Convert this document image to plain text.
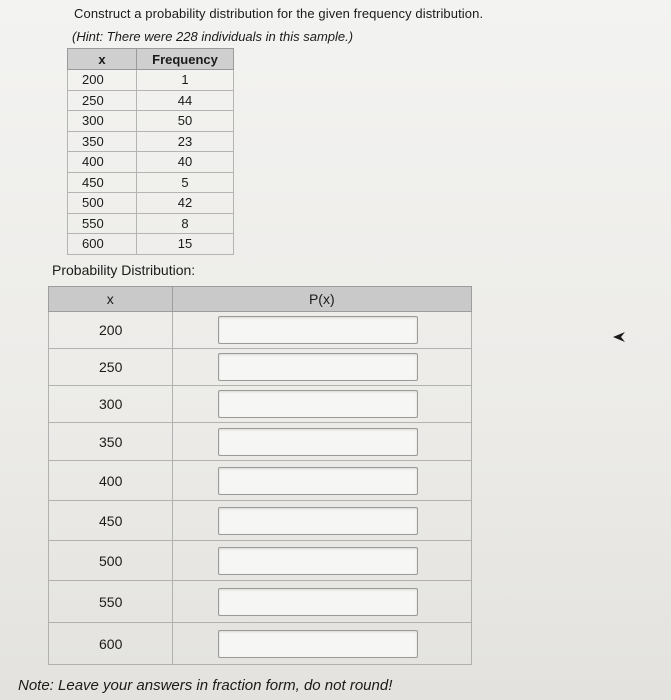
Construct a probability distribution for the given frequency distribution.
(Hint: There were 228 individuals in this sample.)
x	Frequency
200	1
250	44
300	50
350	23
400	40
450	5
500	42
550	8
600	15
Probability Distribution:
x	P(x)
200	

250	

300	

350	

400	

450	

500	

550	

600	
Note: Leave your answers in fraction form, do not round!
